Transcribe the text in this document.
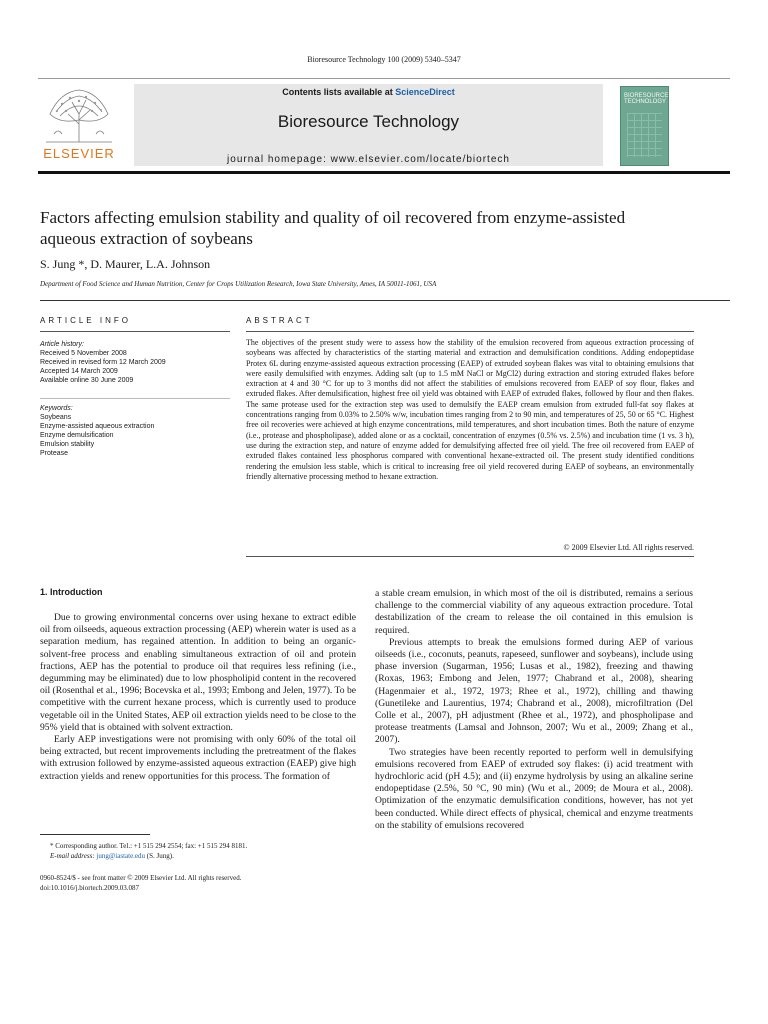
Bioresource Technology 100 (2009) 5340–5347
ELSEVIER
Contents lists available at ScienceDirect
Bioresource Technology
journal homepage: www.elsevier.com/locate/biortech
BIORESOURCE TECHNOLOGY
Factors affecting emulsion stability and quality of oil recovered from enzyme-assisted aqueous extraction of soybeans
S. Jung *, D. Maurer, L.A. Johnson
Department of Food Science and Human Nutrition, Center for Crops Utilization Research, Iowa State University, Ames, IA 50011-1061, USA
ARTICLE INFO	ABSTRACT
Article history:
Received 5 November 2008
Received in revised form 12 March 2009
Accepted 14 March 2009
Available online 30 June 2009
Keywords:
Soybeans
Enzyme-assisted aqueous extraction
Enzyme demulsification
Emulsion stability
Protease
The objectives of the present study were to assess how the stability of the emulsion recovered from aqueous extraction processing of soybeans was affected by characteristics of the starting material and extraction and demulsification conditions. Adding endopeptidase Protex 6L during enzyme-assisted aqueous extraction processing (EAEP) of extruded soybean flakes was vital to obtaining emulsions that were easily demulsified with enzymes. Adding salt (up to 1.5 mM NaCl or MgCl2) during extraction and storing extruded flakes before extraction at 4 and 30 °C for up to 3 months did not affect the stabilities of emulsions recovered from EAEP of soy flour, flakes and extruded flakes. After demulsification, highest free oil yield was obtained with EAEP of extruded flakes, followed by flour and then flakes. The same protease used for the extraction step was used to demulsify the EAEP cream emulsion from extruded full-fat soy flakes at concentrations ranging from 0.03% to 2.50% w/w, incubation times ranging from 2 to 90 min, and temperatures of 25, 50 or 65 °C. Highest free oil recoveries were achieved at high enzyme concentrations, mild temperatures, and short incubation times. Both the nature of enzyme (i.e., protease and phospholipase), added alone or as a cocktail, concentration of enzymes (0.5% vs. 2.5%) and incubation time (1 vs. 3 h), use during the extraction step, and nature of enzyme added for demulsifying affected free oil yield. The free oil recovered from EAEP of extruded flakes contained less phosphorus compared with conventional hexane-extracted oil. The present study identified conditions rendering the emulsion less stable, which is critical to increasing free oil yield recovered during EAEP of soybeans, an environmentally friendly alternative processing method to hexane extraction.
© 2009 Elsevier Ltd. All rights reserved.
1. Introduction

Due to growing environmental concerns over using hexane to extract edible oil from oilseeds, aqueous extraction processing (AEP) wherein water is used as a separation medium, has regained attention. In addition to being an organic-solvent-free process and enabling simultaneous extraction of oil and protein fractions, AEP has the potential to produce oil that requires less refining (i.e., degumming may be eliminated) due to low phospholipid content in the recovered oil (Rosenthal et al., 1996; Bocevska et al., 1993; Embong and Jelen, 1977). To be competitive with the current hexane process, which is currently used to produce vegetable oil in the United States, AEP oil extraction yields need to be close to the 95% yield that is obtained with solvent extraction.

Early AEP investigations were not promising with only 60% of the total oil being extracted, but recent improvements including the pretreatment of the flakes with extrusion followed by enzyme-assisted aqueous extraction (EAEP) give high extraction yields and renew opportunities for this process. The formation of

a stable cream emulsion, in which most of the oil is distributed, remains a serious challenge to the commercial viability of any aqueous extraction procedure. Total destabilization of the cream to release the oil contained in this emulsion is required.

Previous attempts to break the emulsions formed during AEP of various oilseeds (i.e., coconuts, peanuts, rapeseed, sunflower and soybeans), include using phase inversion (Sugarman, 1956; Lusas et al., 1982), freezing and thawing (Roxas, 1963; Embong and Jelen, 1977; Chabrand et al., 2008), shearing (Hagenmaier et al., 1972, 1973; Rhee et al., 1972), chilling and thawing (Gunetileke and Laurentius, 1974; Chabrand et al., 2008), microfiltration (Del Colle et al., 2007), pH adjustment (Rhee et al., 1972), and phospholipase and protease treatments (Lamsal and Johnson, 2007; Wu et al., 2009; Zhang et al., 2007).

Two strategies have been recently reported to perform well in demulsifying emulsions recovered from EAEP of extruded soy flakes: (i) acid treatment with hydrochloric acid (pH 4.5); and (ii) enzyme hydrolysis by using an alkaline serine endopeptidase (2.5%, 50 °C, 90 min) (Wu et al., 2009; de Moura et al., 2008). Optimization of the enzymatic demulsification conditions, however, has not yet been conducted. While direct effects of physical, chemical and enzyme treatments on the stability of emulsions recovered

* Corresponding author. Tel.: +1 515 294 2554; fax: +1 515 294 8181.
E-mail address: jung@iastate.edu (S. Jung).
0960-8524/$ - see front matter © 2009 Elsevier Ltd. All rights reserved.
doi:10.1016/j.biortech.2009.03.087
